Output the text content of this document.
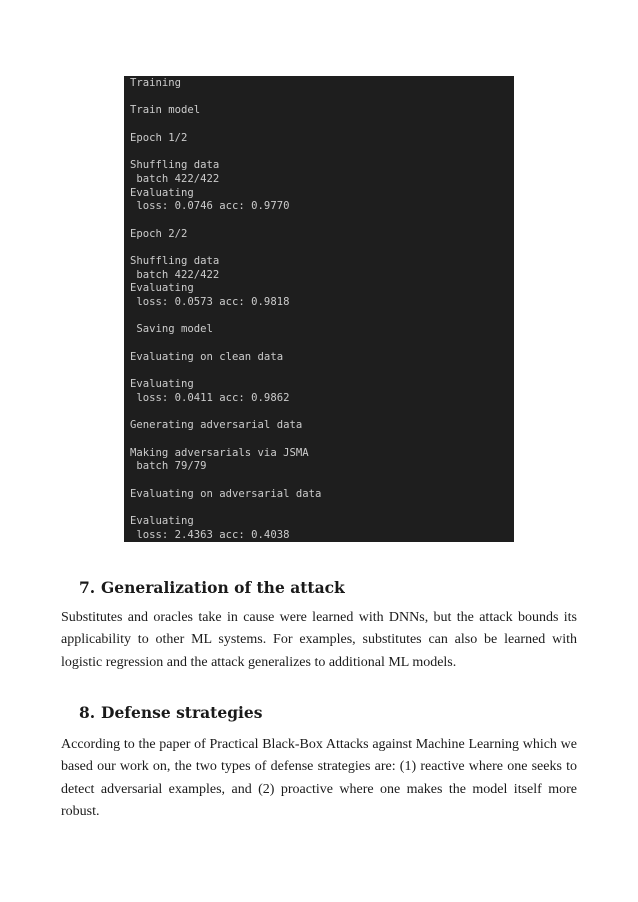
Training
Train model
Epoch 1/2
Shuffling data
batch 422/422
Evaluating
loss: 0.0746 acc: 0.9770
Epoch 2/2
Shuffling data
batch 422/422
Evaluating
loss: 0.0573 acc: 0.9818
Saving model
Evaluating on clean data
Evaluating
loss: 0.0411 acc: 0.9862
Generating adversarial data
Making adversarials via JSMA
batch 79/79
Evaluating on adversarial data
Evaluating
loss: 2.4363 acc: 0.4038
7. Generalization of the attack

Substitutes and oracles take in cause were learned with DNNs, but the attack bounds its applicability to other ML systems. For examples, substitutes can also be learned with logistic regression and the attack generalizes to additional ML models.

8. Defense strategies

According to the paper of Practical Black-Box Attacks against Machine Learning which we based our work on, the two types of defense strategies are: (1) reactive where one seeks to detect adversarial examples, and (2) proactive where one makes the model itself more robust.
